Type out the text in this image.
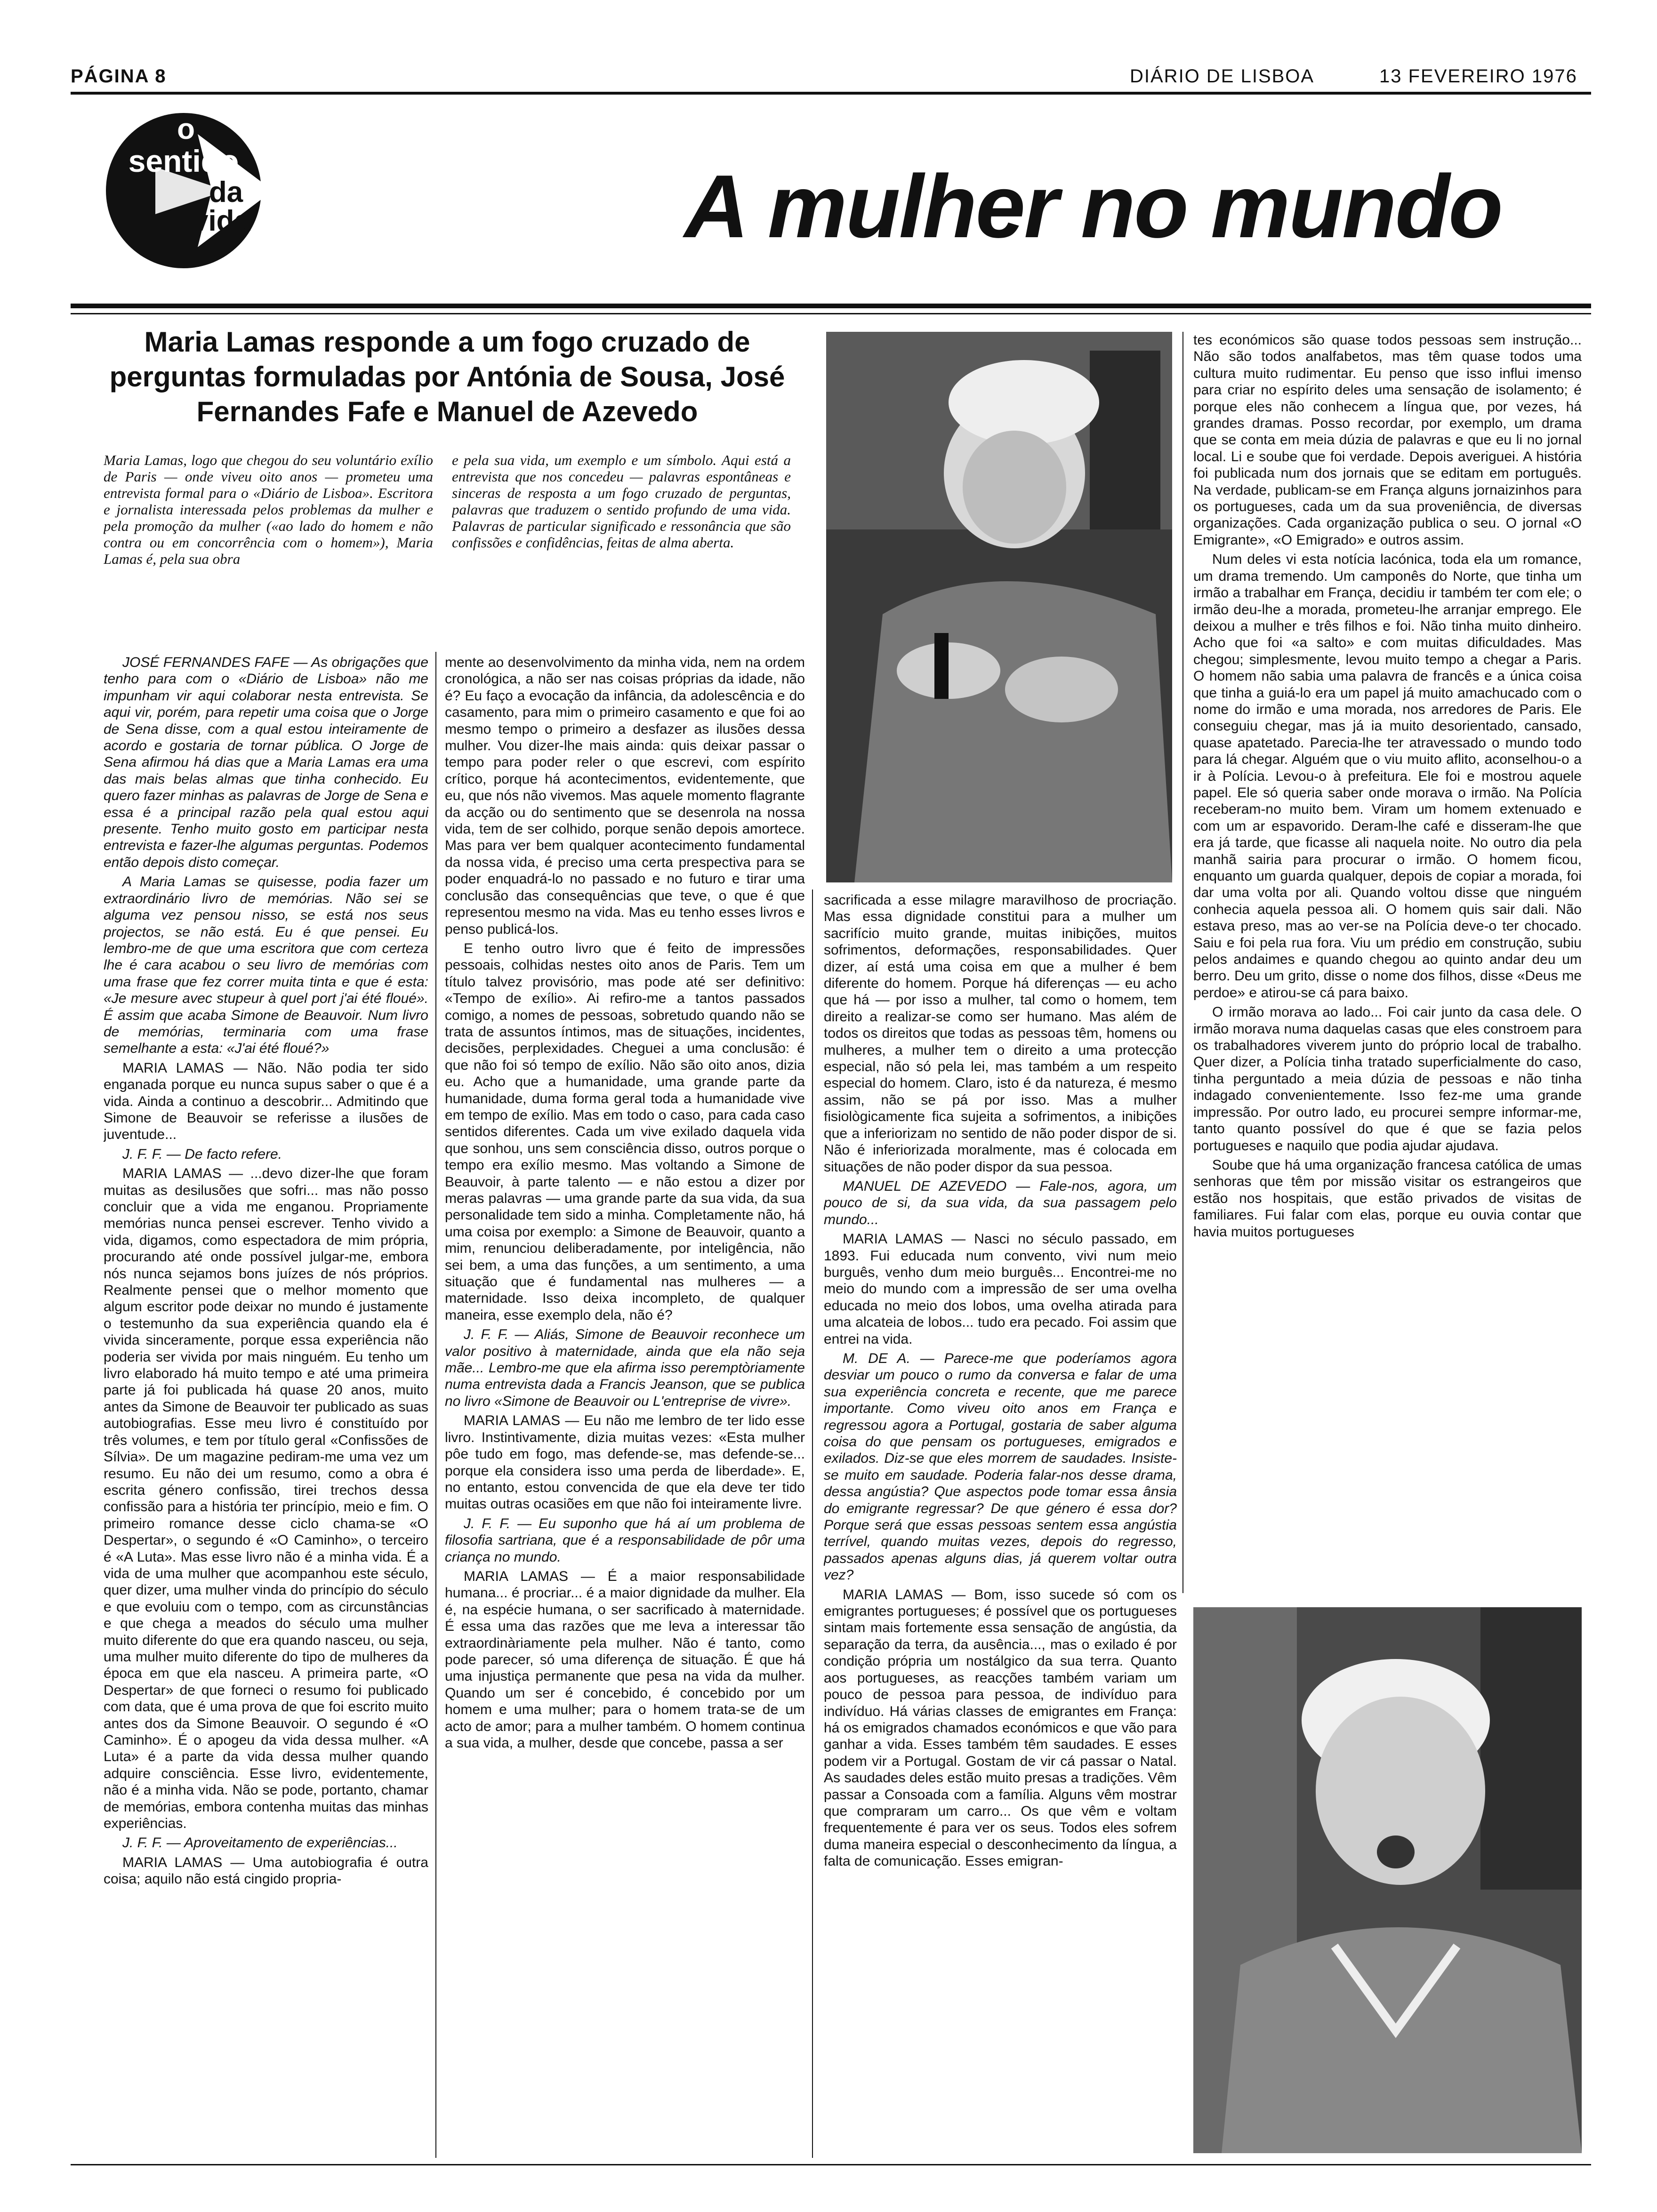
PÁGINA 8	DIÁRIO DE LISBOA	13 FEVEREIRO 1976
o
sentido
da
vida	A mulher no mundo
Maria Lamas responde a um fogo cruzado de perguntas formuladas por Antónia de Sousa, José Fernandes Fafe e Manuel de Azevedo
Maria Lamas, logo que chegou do seu voluntário exílio de Paris — onde viveu oito anos — prometeu uma entrevista formal para o «Diário de Lisboa». Escritora e jornalista interessada pelos problemas da mulher e pela promoção da mulher («ao lado do homem e não contra ou em concorrência com o homem»), Maria Lamas é, pela sua obra
e pela sua vida, um exemplo e um símbolo. Aqui está a entrevista que nos concedeu — palavras espontâneas e sinceras de resposta a um fogo cruzado de perguntas, palavras que traduzem o sentido profundo de uma vida. Palavras de particular significado e ressonância que são confissões e confidências, feitas de alma aberta.

JOSÉ FERNANDES FAFE — As obrigações que tenho para com o «Diário de Lisboa» não me impunham vir aqui colaborar nesta entrevista. Se aqui vir, porém, para repetir uma coisa que o Jorge de Sena disse, com a qual estou inteiramente de acordo e gostaria de tornar pública. O Jorge de Sena afirmou há dias que a Maria Lamas era uma das mais belas almas que tinha conhecido. Eu quero fazer minhas as palavras de Jorge de Sena e essa é a principal razão pela qual estou aqui presente. Tenho muito gosto em participar nesta entrevista e fazer-lhe algumas perguntas. Podemos então depois disto começar.

A Maria Lamas se quisesse, podia fazer um extraordinário livro de memórias. Não sei se alguma vez pensou nisso, se está nos seus projectos, se não está. Eu é que pensei. Eu lembro-me de que uma escritora que com certeza lhe é cara acabou o seu livro de memórias com uma frase que fez correr muita tinta e que é esta: «Je mesure avec stupeur à quel port j'ai été floué». É assim que acaba Simone de Beauvoir. Num livro de memórias, terminaria com uma frase semelhante a esta: «J'ai été floué?»

MARIA LAMAS — Não. Não podia ter sido enganada porque eu nunca supus saber o que é a vida. Ainda a continuo a descobrir... Admitindo que Simone de Beauvoir se referisse a ilusões de juventude...

J. F. F. — De facto refere.

MARIA LAMAS — ...devo dizer-lhe que foram muitas as desilusões que sofri... mas não posso concluir que a vida me enganou. Propriamente memórias nunca pensei escrever. Tenho vivido a vida, digamos, como espectadora de mim própria, procurando até onde possível julgar-me, embora nós nunca sejamos bons juízes de nós próprios. Realmente pensei que o melhor momento que algum escritor pode deixar no mundo é justamente o testemunho da sua experiência quando ela é vivida sinceramente, porque essa experiência não poderia ser vivida por mais ninguém. Eu tenho um livro elaborado há muito tempo e até uma primeira parte já foi publicada há quase 20 anos, muito antes da Simone de Beauvoir ter publicado as suas autobiografias. Esse meu livro é constituído por três volumes, e tem por título geral «Confissões de Sílvia». De um magazine pediram-me uma vez um resumo. Eu não dei um resumo, como a obra é escrita género confissão, tirei trechos dessa confissão para a história ter princípio, meio e fim. O primeiro romance desse ciclo chama-se «O Despertar», o segundo é «O Caminho», o terceiro é «A Luta». Mas esse livro não é a minha vida. É a vida de uma mulher que acompanhou este século, quer dizer, uma mulher vinda do princípio do século e que evoluiu com o tempo, com as circunstâncias e que chega a meados do século uma mulher muito diferente do que era quando nasceu, ou seja, uma mulher muito diferente do tipo de mulheres da época em que ela nasceu. A primeira parte, «O Despertar» de que forneci o resumo foi publicado com data, que é uma prova de que foi escrito muito antes dos da Simone Beauvoir. O segundo é «O Caminho». É o apogeu da vida dessa mulher. «A Luta» é a parte da vida dessa mulher quando adquire consciência. Esse livro, evidentemente, não é a minha vida. Não se pode, portanto, chamar de memórias, embora contenha muitas das minhas experiências.

J. F. F. — Aproveitamento de experiências...

MARIA LAMAS — Uma autobiografia é outra coisa; aquilo não está cingido propria-

mente ao desenvolvimento da minha vida, nem na ordem cronológica, a não ser nas coisas próprias da idade, não é? Eu faço a evocação da infância, da adolescência e do casamento, para mim o primeiro casamento e que foi ao mesmo tempo o primeiro a desfazer as ilusões dessa mulher. Vou dizer-lhe mais ainda: quis deixar passar o tempo para poder reler o que escrevi, com espírito crítico, porque há acontecimentos, evidentemente, que eu, que nós não vivemos. Mas aquele momento flagrante da acção ou do sentimento que se desenrola na nossa vida, tem de ser colhido, porque senão depois amortece. Mas para ver bem qualquer acontecimento fundamental da nossa vida, é preciso uma certa prespectiva para se poder enquadrá-lo no passado e no futuro e tirar uma conclusão das consequências que teve, o que é que representou mesmo na vida. Mas eu tenho esses livros e penso publicá-los.

E tenho outro livro que é feito de impressões pessoais, colhidas nestes oito anos de Paris. Tem um título talvez provisório, mas pode até ser definitivo: «Tempo de exílio». Ai refiro-me a tantos passados comigo, a nomes de pessoas, sobretudo quando não se trata de assuntos íntimos, mas de situações, incidentes, decisões, perplexidades. Cheguei a uma conclusão: é que não foi só tempo de exílio. Não são oito anos, dizia eu. Acho que a humanidade, uma grande parte da humanidade, duma forma geral toda a humanidade vive em tempo de exílio. Mas em todo o caso, para cada caso sentidos diferentes. Cada um vive exilado daquela vida que sonhou, uns sem consciência disso, outros porque o tempo era exílio mesmo. Mas voltando a Simone de Beauvoir, à parte talento — e não estou a dizer por meras palavras — uma grande parte da sua vida, da sua personalidade tem sido a minha. Completamente não, há uma coisa por exemplo: a Simone de Beauvoir, quanto a mim, renunciou deliberadamente, por inteligência, não sei bem, a uma das funções, a um sentimento, a uma situação que é fundamental nas mulheres — a maternidade. Isso deixa incompleto, de qualquer maneira, esse exemplo dela, não é?

J. F. F. — Aliás, Simone de Beauvoir reconhece um valor positivo à maternidade, ainda que ela não seja mãe... Lembro-me que ela afirma isso peremptòriamente numa entrevista dada a Francis Jeanson, que se publica no livro «Simone de Beauvoir ou L'entreprise de vivre».

MARIA LAMAS — Eu não me lembro de ter lido esse livro. Instintivamente, dizia muitas vezes: «Esta mulher pôe tudo em fogo, mas defende-se, mas defende-se... porque ela considera isso uma perda de liberdade». E, no entanto, estou convencida de que ela deve ter tido muitas outras ocasiões em que não foi inteiramente livre.

J. F. F. — Eu suponho que há aí um problema de filosofia sartriana, que é a responsabilidade de pôr uma criança no mundo.

MARIA LAMAS — É a maior responsabilidade humana... é procriar... é a maior dignidade da mulher. Ela é, na espécie humana, o ser sacrificado à maternidade. É essa uma das razões que me leva a interessar tão extraordinàriamente pela mulher. Não é tanto, como pode parecer, só uma diferença de situação. É que há uma injustiça permanente que pesa na vida da mulher. Quando um ser é concebido, é concebido por um homem e uma mulher; para o homem trata-se de um acto de amor; para a mulher também. O homem continua a sua vida, a mulher, desde que concebe, passa a ser

sacrificada a esse milagre maravilhoso de procriação. Mas essa dignidade constitui para a mulher um sacrifício muito grande, muitas inibições, muitos sofrimentos, deformações, responsabilidades. Quer dizer, aí está uma coisa em que a mulher é bem diferente do homem. Porque há diferenças — eu acho que há — por isso a mulher, tal como o homem, tem direito a realizar-se como ser humano. Mas além de todos os direitos que todas as pessoas têm, homens ou mulheres, a mulher tem o direito a uma protecção especial, não só pela lei, mas também a um respeito especial do homem. Claro, isto é da natureza, é mesmo assim, não se pá por isso. Mas a mulher fisiològicamente fica sujeita a sofrimentos, a inibições que a inferiorizam no sentido de não poder dispor de si. Não é inferiorizada moralmente, mas é colocada em situações de não poder dispor da sua pessoa.

MANUEL DE AZEVEDO — Fale-nos, agora, um pouco de si, da sua vida, da sua passagem pelo mundo...

MARIA LAMAS — Nasci no século passado, em 1893. Fui educada num convento, vivi num meio burguês, venho dum meio burguês... Encontrei-me no meio do mundo com a impressão de ser uma ovelha educada no meio dos lobos, uma ovelha atirada para uma alcateia de lobos... tudo era pecado. Foi assim que entrei na vida.

M. DE A. — Parece-me que poderíamos agora desviar um pouco o rumo da conversa e falar de uma sua experiência concreta e recente, que me parece importante. Como viveu oito anos em França e regressou agora a Portugal, gostaria de saber alguma coisa do que pensam os portugueses, emigrados e exilados. Diz-se que eles morrem de saudades. Insiste-se muito em saudade. Poderia falar-nos desse drama, dessa angústia? Que aspectos pode tomar essa ânsia do emigrante regressar? De que género é essa dor? Porque será que essas pessoas sentem essa angústia terrível, quando muitas vezes, depois do regresso, passados apenas alguns dias, já querem voltar outra vez?

MARIA LAMAS — Bom, isso sucede só com os emigrantes portugueses; é possível que os portugueses sintam mais fortemente essa sensação de angústia, da separação da terra, da ausência..., mas o exilado é por condição própria um nostálgico da sua terra. Quanto aos portugueses, as reacções também variam um pouco de pessoa para pessoa, de indivíduo para indivíduo. Há várias classes de emigrantes em França: há os emigrados chamados económicos e que vão para ganhar a vida. Esses também têm saudades. E esses podem vir a Portugal. Gostam de vir cá passar o Natal. As saudades deles estão muito presas a tradições. Vêm passar a Consoada com a família. Alguns vêm mostrar que compraram um carro... Os que vêm e voltam frequentemente é para ver os seus. Todos eles sofrem duma maneira especial o desconhecimento da língua, a falta de comunicação. Esses emigran-

tes económicos são quase todos pessoas sem instrução... Não são todos analfabetos, mas têm quase todos uma cultura muito rudimentar. Eu penso que isso influi imenso para criar no espírito deles uma sensação de isolamento; é porque eles não conhecem a língua que, por vezes, há grandes dramas. Posso recordar, por exemplo, um drama que se conta em meia dúzia de palavras e que eu li no jornal local. Li e soube que foi verdade. Depois averiguei. A história foi publicada num dos jornais que se editam em português. Na verdade, publicam-se em França alguns jornaizinhos para os portugueses, cada um da sua proveniência, de diversas organizações. Cada organização publica o seu. O jornal «O Emigrante», «O Emigrado» e outros assim.

Num deles vi esta notícia lacónica, toda ela um romance, um drama tremendo. Um camponês do Norte, que tinha um irmão a trabalhar em França, decidiu ir também ter com ele; o irmão deu-lhe a morada, prometeu-lhe arranjar emprego. Ele deixou a mulher e três filhos e foi. Não tinha muito dinheiro. Acho que foi «a salto» e com muitas dificuldades. Mas chegou; simplesmente, levou muito tempo a chegar a Paris. O homem não sabia uma palavra de francês e a única coisa que tinha a guiá-lo era um papel já muito amachucado com o nome do irmão e uma morada, nos arredores de Paris. Ele conseguiu chegar, mas já ia muito desorientado, cansado, quase apatetado. Parecia-lhe ter atravessado o mundo todo para lá chegar. Alguém que o viu muito aflito, aconselhou-o a ir à Polícia. Levou-o à prefeitura. Ele foi e mostrou aquele papel. Ele só queria saber onde morava o irmão. Na Polícia receberam-no muito bem. Viram um homem extenuado e com um ar espavorido. Deram-lhe café e disseram-lhe que era já tarde, que ficasse ali naquela noite. No outro dia pela manhã sairia para procurar o irmão. O homem ficou, enquanto um guarda qualquer, depois de copiar a morada, foi dar uma volta por ali. Quando voltou disse que ninguém conhecia aquela pessoa ali. O homem quis sair dali. Não estava preso, mas ao ver-se na Polícia deve-o ter chocado. Saiu e foi pela rua fora. Viu um prédio em construção, subiu pelos andaimes e quando chegou ao quinto andar deu um berro. Deu um grito, disse o nome dos filhos, disse «Deus me perdoe» e atirou-se cá para baixo.

O irmão morava ao lado... Foi cair junto da casa dele. O irmão morava numa daquelas casas que eles constroem para os trabalhadores viverem junto do próprio local de trabalho. Quer dizer, a Polícia tinha tratado superficialmente do caso, tinha perguntado a meia dúzia de pessoas e não tinha indagado convenientemente. Isso fez-me uma grande impressão. Por outro lado, eu procurei sempre informar-me, tanto quanto possível do que é que se fazia pelos portugueses e naquilo que podia ajudar ajudava.

Soube que há uma organização francesa católica de umas senhoras que têm por missão visitar os estrangeiros que estão nos hospitais, que estão privados de visitas de familiares. Fui falar com elas, porque eu ouvia contar que havia muitos portugueses
